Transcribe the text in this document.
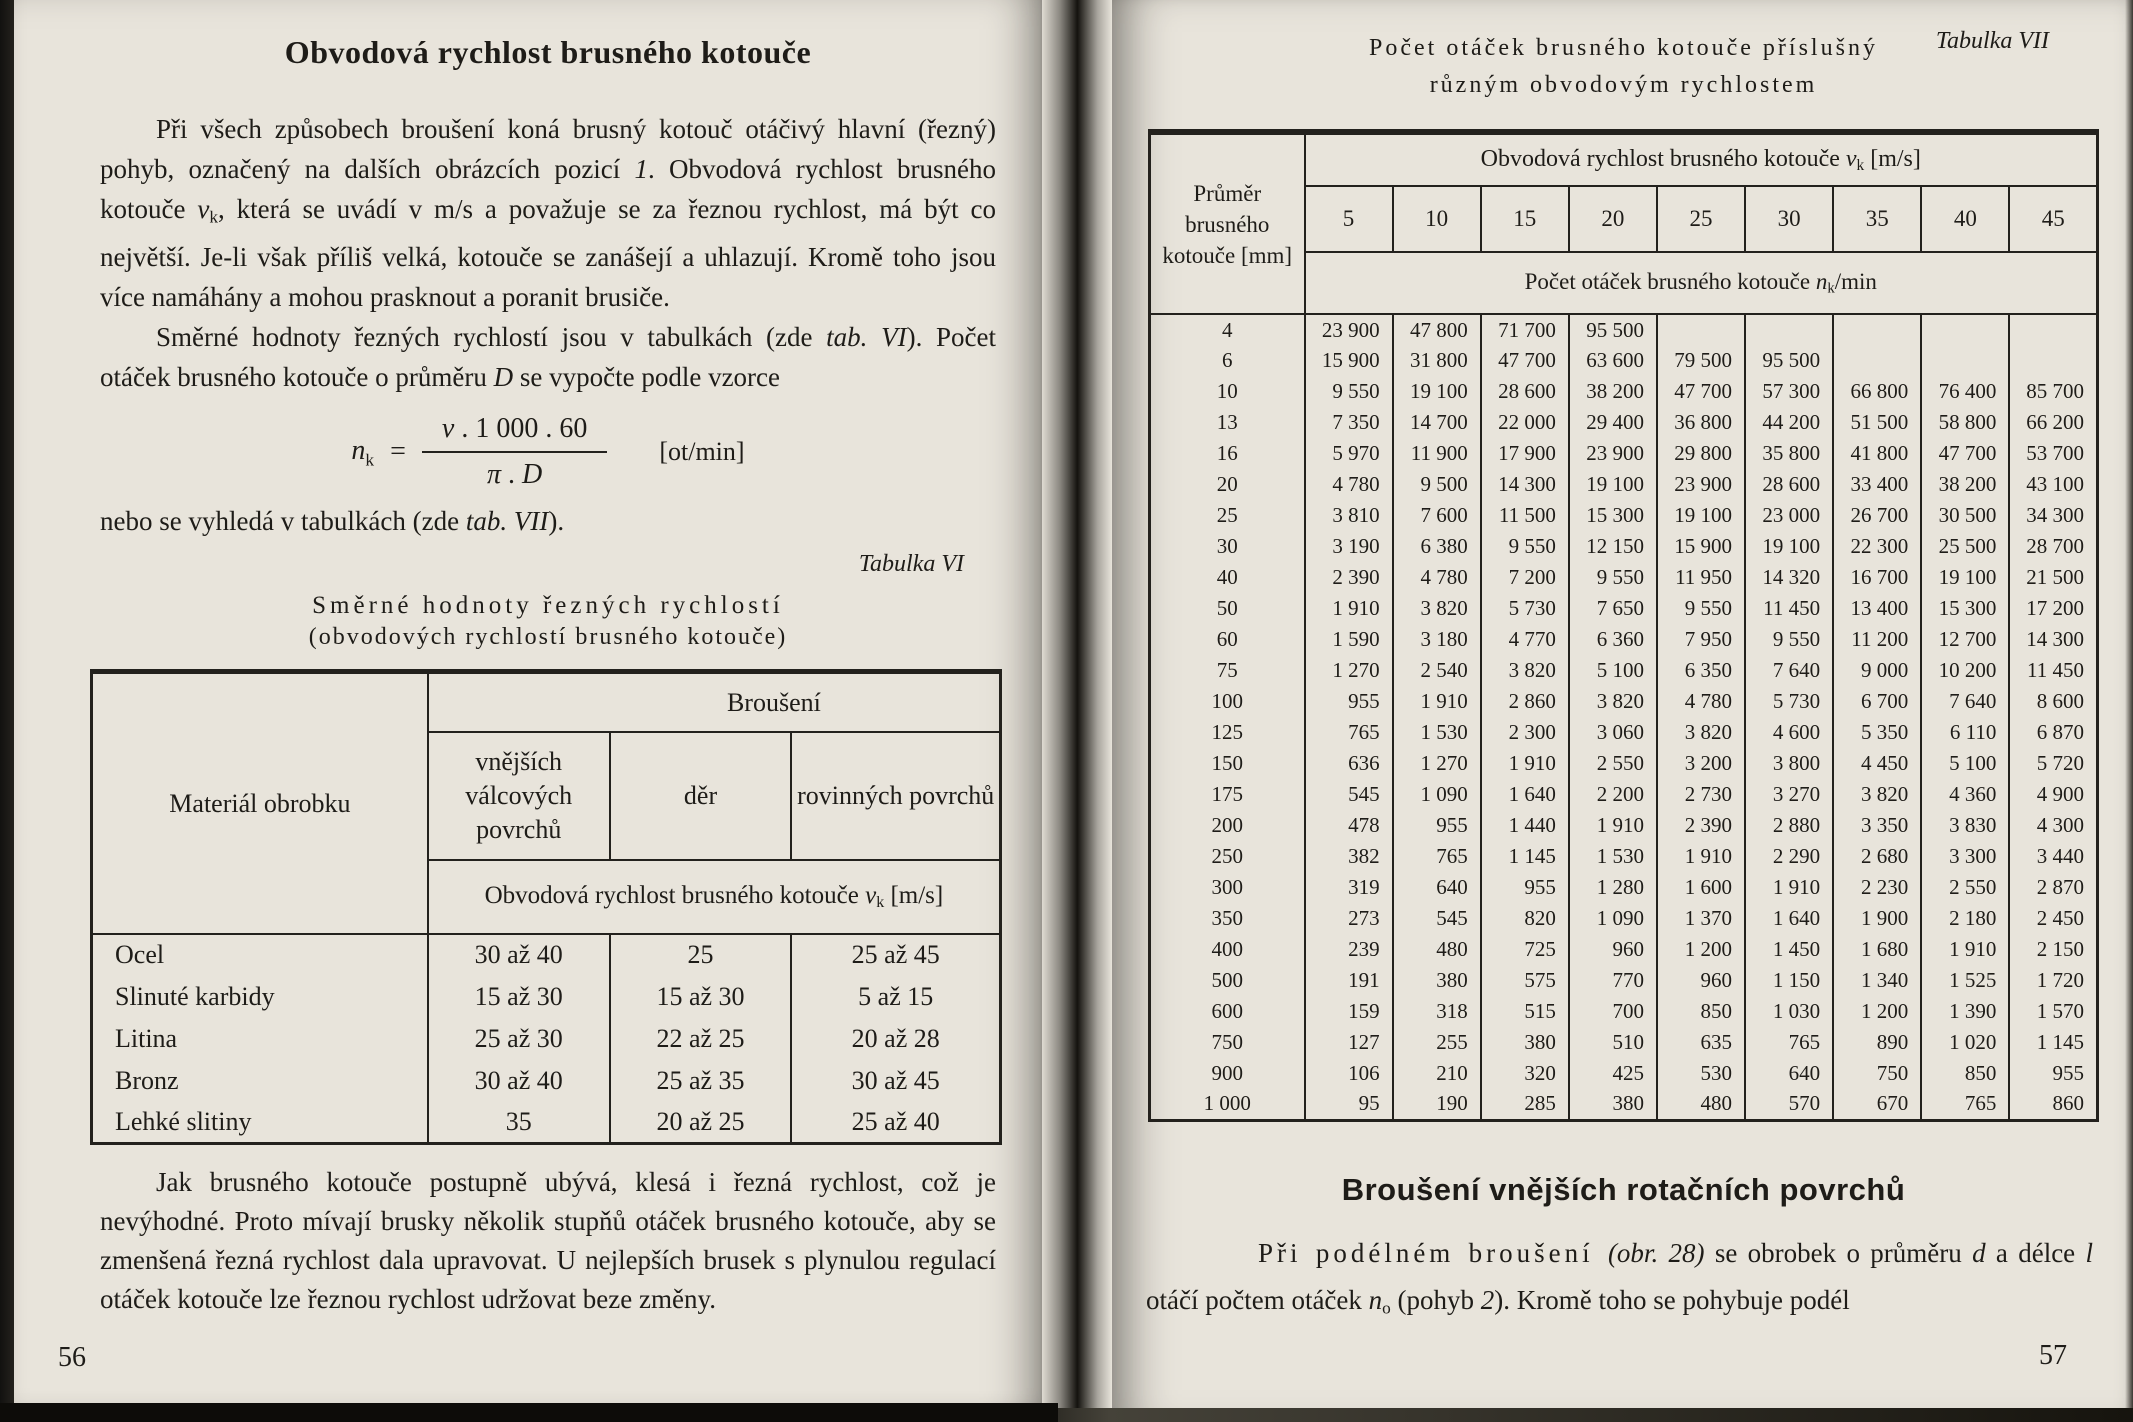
Obvodová rychlost brusného kotouče

Při všech způsobech broušení koná brusný kotouč otáčivý hlavní (řezný) pohyb, označený na dalších obrázcích pozicí 1. Obvodová rychlost brusného kotouče vk, která se uvádí v m/s a považuje se za řeznou rychlost, má být co největší. Je-li však příliš velká, kotouče se zanášejí a uhlazují. Kromě toho jsou více namáhány a mohou prasknout a poranit brusiče.

Směrné hodnoty řezných rychlostí jsou v tabulkách (zde tab. VI). Počet otáček brusného kotouče o průměru D se vypočte podle vzorce

$n_k = \frac{v . 1 000 . 60}{\pi . D} [ot/\min]$

nebo se vyhledá v tabulkách (zde tab. VII).

Tabulka VI
Směrné hodnoty řezných rychlostí
(obvodových rychlostí brusného kotouče)
Materiál obrobku	Broušení		
	vnějších válcových povrchů	děr	rovinných povrchů
	Obvodová rychlost brusného kotouče vk [m/s]		
Ocel	30 až 40	25	25 až 45
Slinuté karbidy	15 až 30	15 až 30	5 až 15
Litina	25 až 30	22 až 25	20 až 28
Bronz	30 až 40	25 až 35	30 až 45
Lehké slitiny	35	20 až 25	25 až 40

Jak brusného kotouče postupně ubývá, klesá i řezná rychlost, což je nevýhodné. Proto mívají brusky několik stupňů otáček brusného kotouče, aby se zmenšená řezná rychlost dala upravovat. U nejlepších brusek s plynulou regulací otáček kotouče lze řeznou rychlost udržovat beze změny.

56
Tabulka VII
Počet otáček brusného kotouče příslušný
různým obvodovým rychlostem
Průměr brusného kotouče [mm]	Obvodová rychlost brusného kotouče vk [m/s]								
	5	10	15	20	25	30	35	40	45
	Počet otáček brusného kotouče nk/min								
4	23 900	47 800	71 700	95 500					
6	15 900	31 800	47 700	63 600	79 500	95 500			
10	9 550	19 100	28 600	38 200	47 700	57 300	66 800	76 400	85 700
13	7 350	14 700	22 000	29 400	36 800	44 200	51 500	58 800	66 200
16	5 970	11 900	17 900	23 900	29 800	35 800	41 800	47 700	53 700
20	4 780	9 500	14 300	19 100	23 900	28 600	33 400	38 200	43 100
25	3 810	7 600	11 500	15 300	19 100	23 000	26 700	30 500	34 300
30	3 190	6 380	9 550	12 150	15 900	19 100	22 300	25 500	28 700
40	2 390	4 780	7 200	9 550	11 950	14 320	16 700	19 100	21 500
50	1 910	3 820	5 730	7 650	9 550	11 450	13 400	15 300	17 200
60	1 590	3 180	4 770	6 360	7 950	9 550	11 200	12 700	14 300
75	1 270	2 540	3 820	5 100	6 350	7 640	9 000	10 200	11 450
100	955	1 910	2 860	3 820	4 780	5 730	6 700	7 640	8 600
125	765	1 530	2 300	3 060	3 820	4 600	5 350	6 110	6 870
150	636	1 270	1 910	2 550	3 200	3 800	4 450	5 100	5 720
175	545	1 090	1 640	2 200	2 730	3 270	3 820	4 360	4 900
200	478	955	1 440	1 910	2 390	2 880	3 350	3 830	4 300
250	382	765	1 145	1 530	1 910	2 290	2 680	3 300	3 440
300	319	640	955	1 280	1 600	1 910	2 230	2 550	2 870
350	273	545	820	1 090	1 370	1 640	1 900	2 180	2 450
400	239	480	725	960	1 200	1 450	1 680	1 910	2 150
500	191	380	575	770	960	1 150	1 340	1 525	1 720
600	159	318	515	700	850	1 030	1 200	1 390	1 570
750	127	255	380	510	635	765	890	1 020	1 145
900	106	210	320	425	530	640	750	850	955
1 000	95	190	285	380	480	570	670	765	860
Broušení vnějších rotačních povrchů

Při podélném broušení (obr. 28) se obrobek o průměru d a délce l otáčí počtem otáček no (pohyb 2). Kromě toho se pohybuje podél

57
